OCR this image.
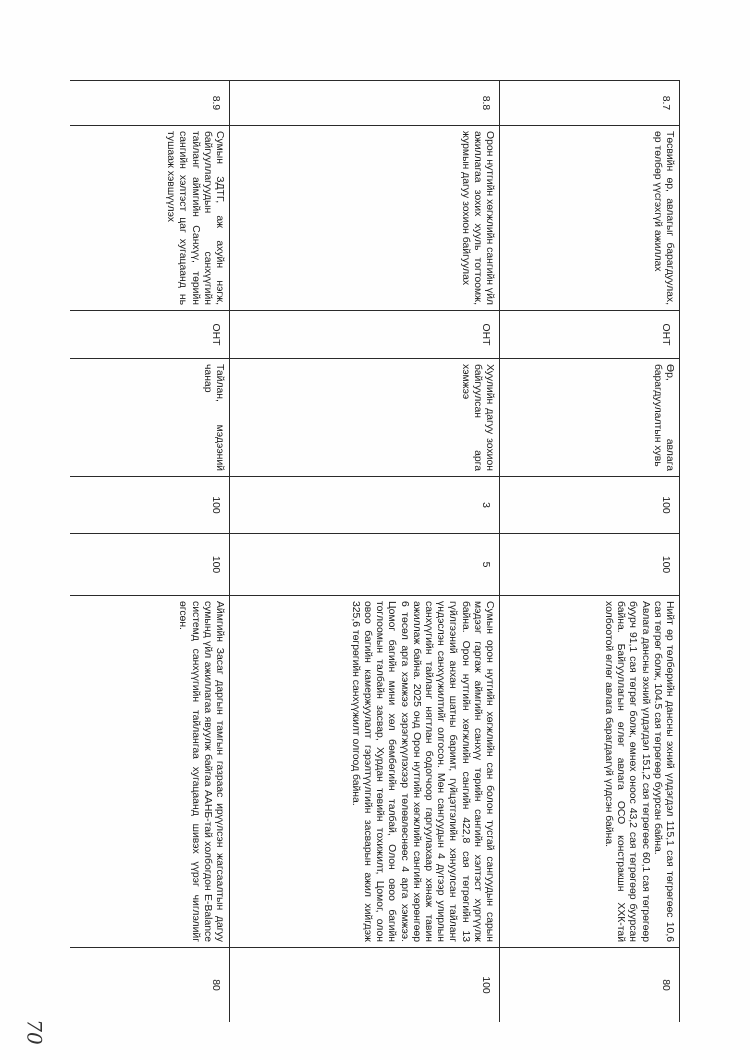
8.7	Төсвийн өр, авлагыг барагдуулах, өр төлбөр үүсгэхгүй ажиллах	ОНТ	Өр, авлага барагдуулалтын хувь	100	100	Нийт өр төлбөрийн дансны эхний үлдэгдэл 115,1 сая төгрөгөөс 10,6 сая төгрөг болж, 104.5 сая төгрөгөөр буурсан байна.
Авлага дансны эхний үлдэгдэл 151,2 сая төгрөгөөс 60,1 сая төгрөгөөр буурч 91,1 сая төгрөг болж, өмнөх оноос 43,2 сая төгрөгөөр буурсан байна. Байгууллагын өглөг авлага ОСО констракшн ХХК-тай холбоотой өглөг авлага барагдаагүй үлдсэн байна.	80
8.8	Орон нутгийн хөгжлийн сангийн үйл ажиллагаа зохих хууль тогтоомж, журмын дагуу зохион байгуулах	ОНТ	Хуулийн дагуу зохион байгуулсан арга хэмжээ	3	5	Сумын орон нутгийн хөгжлийн сан болон тусгай сангуудын сарын мэдээг гаргаж аймгийн санхүү төрийн сангийн хэлтэст хүргүүлж байна. Орон нутгийн хөгжлийн сангийн 422,8 сая төгрөгийн 13 гүйлгээний анхан шатны баримт, гүйцэтгэлийн хянуулсан тайланг үндэслэн санхүүжилтийг олгосон. Мөн сангуудын 4 дүгээр улирлын санхүүгийн тайланг нягтлан бодогчоор гаргуулахаар хянаж тавин ажиллаж байна. 2025 онд Орон нутгийн хөгжлийн сангийн хөрөнгөөр 6 төсөл арга хэмжээ хэрэгжүүлэхээр төлөвлөснөөс 4 арга хэмжээ. Цомог багийн мини хөл бөмбөгийн талбай, Олон овоо багийн тоглоомын талбайн засвар, Хурдан төвийн тохижилт, Цомог, олон овоо багийн камержуулалт гэрэлтүүлгийн засварын ажил хийгдэж 325,6 төгрөгийн санхүүжилт олгоод байна.	100
8.9	Сумын ЗДТГ, аж ахуйн нэгж, байгууллагуудын санхүүгийн тайланг аймгийн Санхүү, төрийн сангийн хэлтэст цаг хугацаанд нь тушааж хэвшүүлэх	ОНТ	Тайлан, мэдээний чанар	100	100	Аймгийн Засаг даргын тамгын газраас ирүүлсэн жагсаалтын дагуу сумынд үйл ажиллагаа явуулж байгаа ААНБ-тай холбогдон Е-Balance системд санхүүгийн тайлангаа хугацаанд шивэх үүрэг чиглэлийг өгсөн.	80
70
